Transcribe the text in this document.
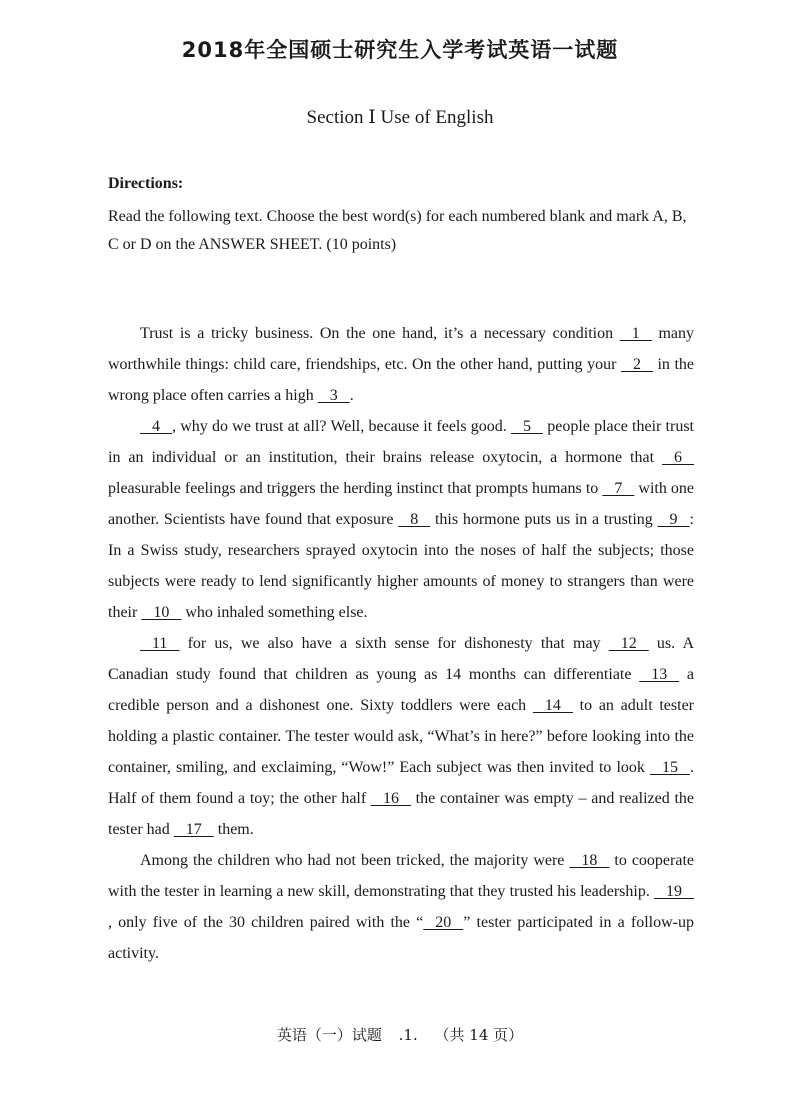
2018年全国硕士研究生入学考试英语一试题
Section Ⅰ Use of English
Directions:
Read the following text. Choose the best word(s) for each numbered blank and mark A, B, C or D on the ANSWER SHEET. (10 points)

Trust is a tricky business. On the one hand, it’s a necessary condition    1    many worthwhile things: child care, friendships, etc. On the other hand, putting your    2    in the wrong place often carries a high    3   .

4   , why do we trust at all? Well, because it feels good.    5    people place their trust in an individual or an institution, their brains release oxytocin, a hormone that    6    pleasurable feelings and triggers the herding instinct that prompts humans to    7    with one another. Scientists have found that exposure    8    this hormone puts us in a trusting    9   : In a Swiss study, researchers sprayed oxytocin into the noses of half the subjects; those subjects were ready to lend significantly higher amounts of money to strangers than were their    10    who inhaled something else.

11    for us, we also have a sixth sense for dishonesty that may    12    us. A Canadian study found that children as young as 14 months can differentiate    13    a credible person and a dishonest one. Sixty toddlers were each    14    to an adult tester holding a plastic container. The tester would ask, “What’s in here?” before looking into the container, smiling, and exclaiming, “Wow!” Each subject was then invited to look    15   . Half of them found a toy; the other half    16    the container was empty – and realized the tester had    17    them.

Among the children who had not been tricked, the majority were    18    to cooperate with the tester in learning a new skill, demonstrating that they trusted his leadership.    19   , only five of the 30 children paired with the “   20   ” tester participated in a follow-up activity.

英语（一）试题 .1. （共 14 页）
